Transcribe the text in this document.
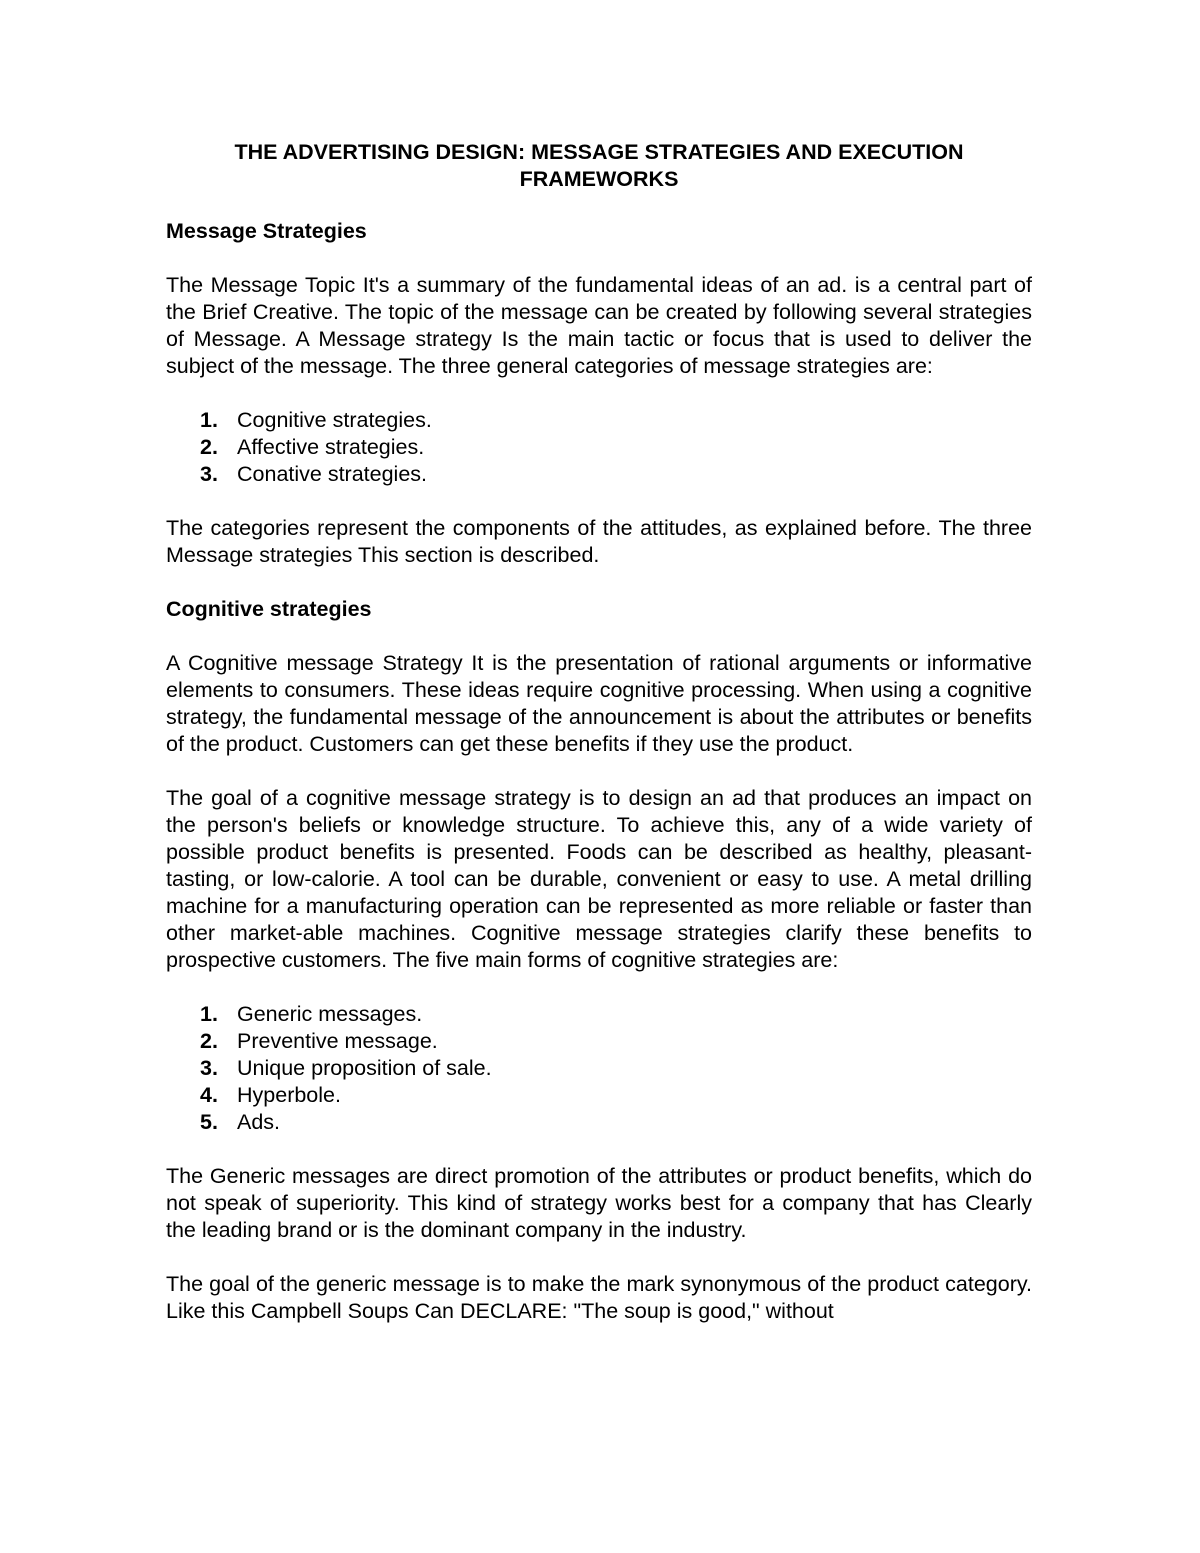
THE ADVERTISING DESIGN: MESSAGE STRATEGIES AND EXECUTION FRAMEWORKS
Message Strategies
The Message Topic It's a summary of the fundamental ideas of an ad. is a central part of the Brief Creative. The topic of the message can be created by following several strategies of Message. A Message strategy Is the main tactic or focus that is used to deliver the subject of the message. The three general categories of message strategies are:
1. Cognitive strategies.
2. Affective strategies.
3. Conative strategies.
The categories represent the components of the attitudes, as explained before. The three Message strategies This section is described.
Cognitive strategies
A Cognitive message Strategy It is the presentation of rational arguments or informative elements to consumers. These ideas require cognitive processing. When using a cognitive strategy, the fundamental message of the announcement is about the attributes or benefits of the product. Customers can get these benefits if they use the product.
The goal of a cognitive message strategy is to design an ad that produces an impact on the person's beliefs or knowledge structure. To achieve this, any of a wide variety of possible product benefits is presented. Foods can be described as healthy, pleasant-tasting, or low-calorie. A tool can be durable, convenient or easy to use. A metal drilling machine for a manufacturing operation can be represented as more reliable or faster than other market-able machines. Cognitive message strategies clarify these benefits to prospective customers. The five main forms of cognitive strategies are:
1. Generic messages.
2. Preventive message.
3. Unique proposition of sale.
4. Hyperbole.
5. Ads.
The Generic messages are direct promotion of the attributes or product benefits, which do not speak of superiority. This kind of strategy works best for a company that has Clearly the leading brand or is the dominant company in the industry.
The goal of the generic message is to make the mark synonymous of the product category. Like this Campbell Soups Can DECLARE: "The soup is good," without
